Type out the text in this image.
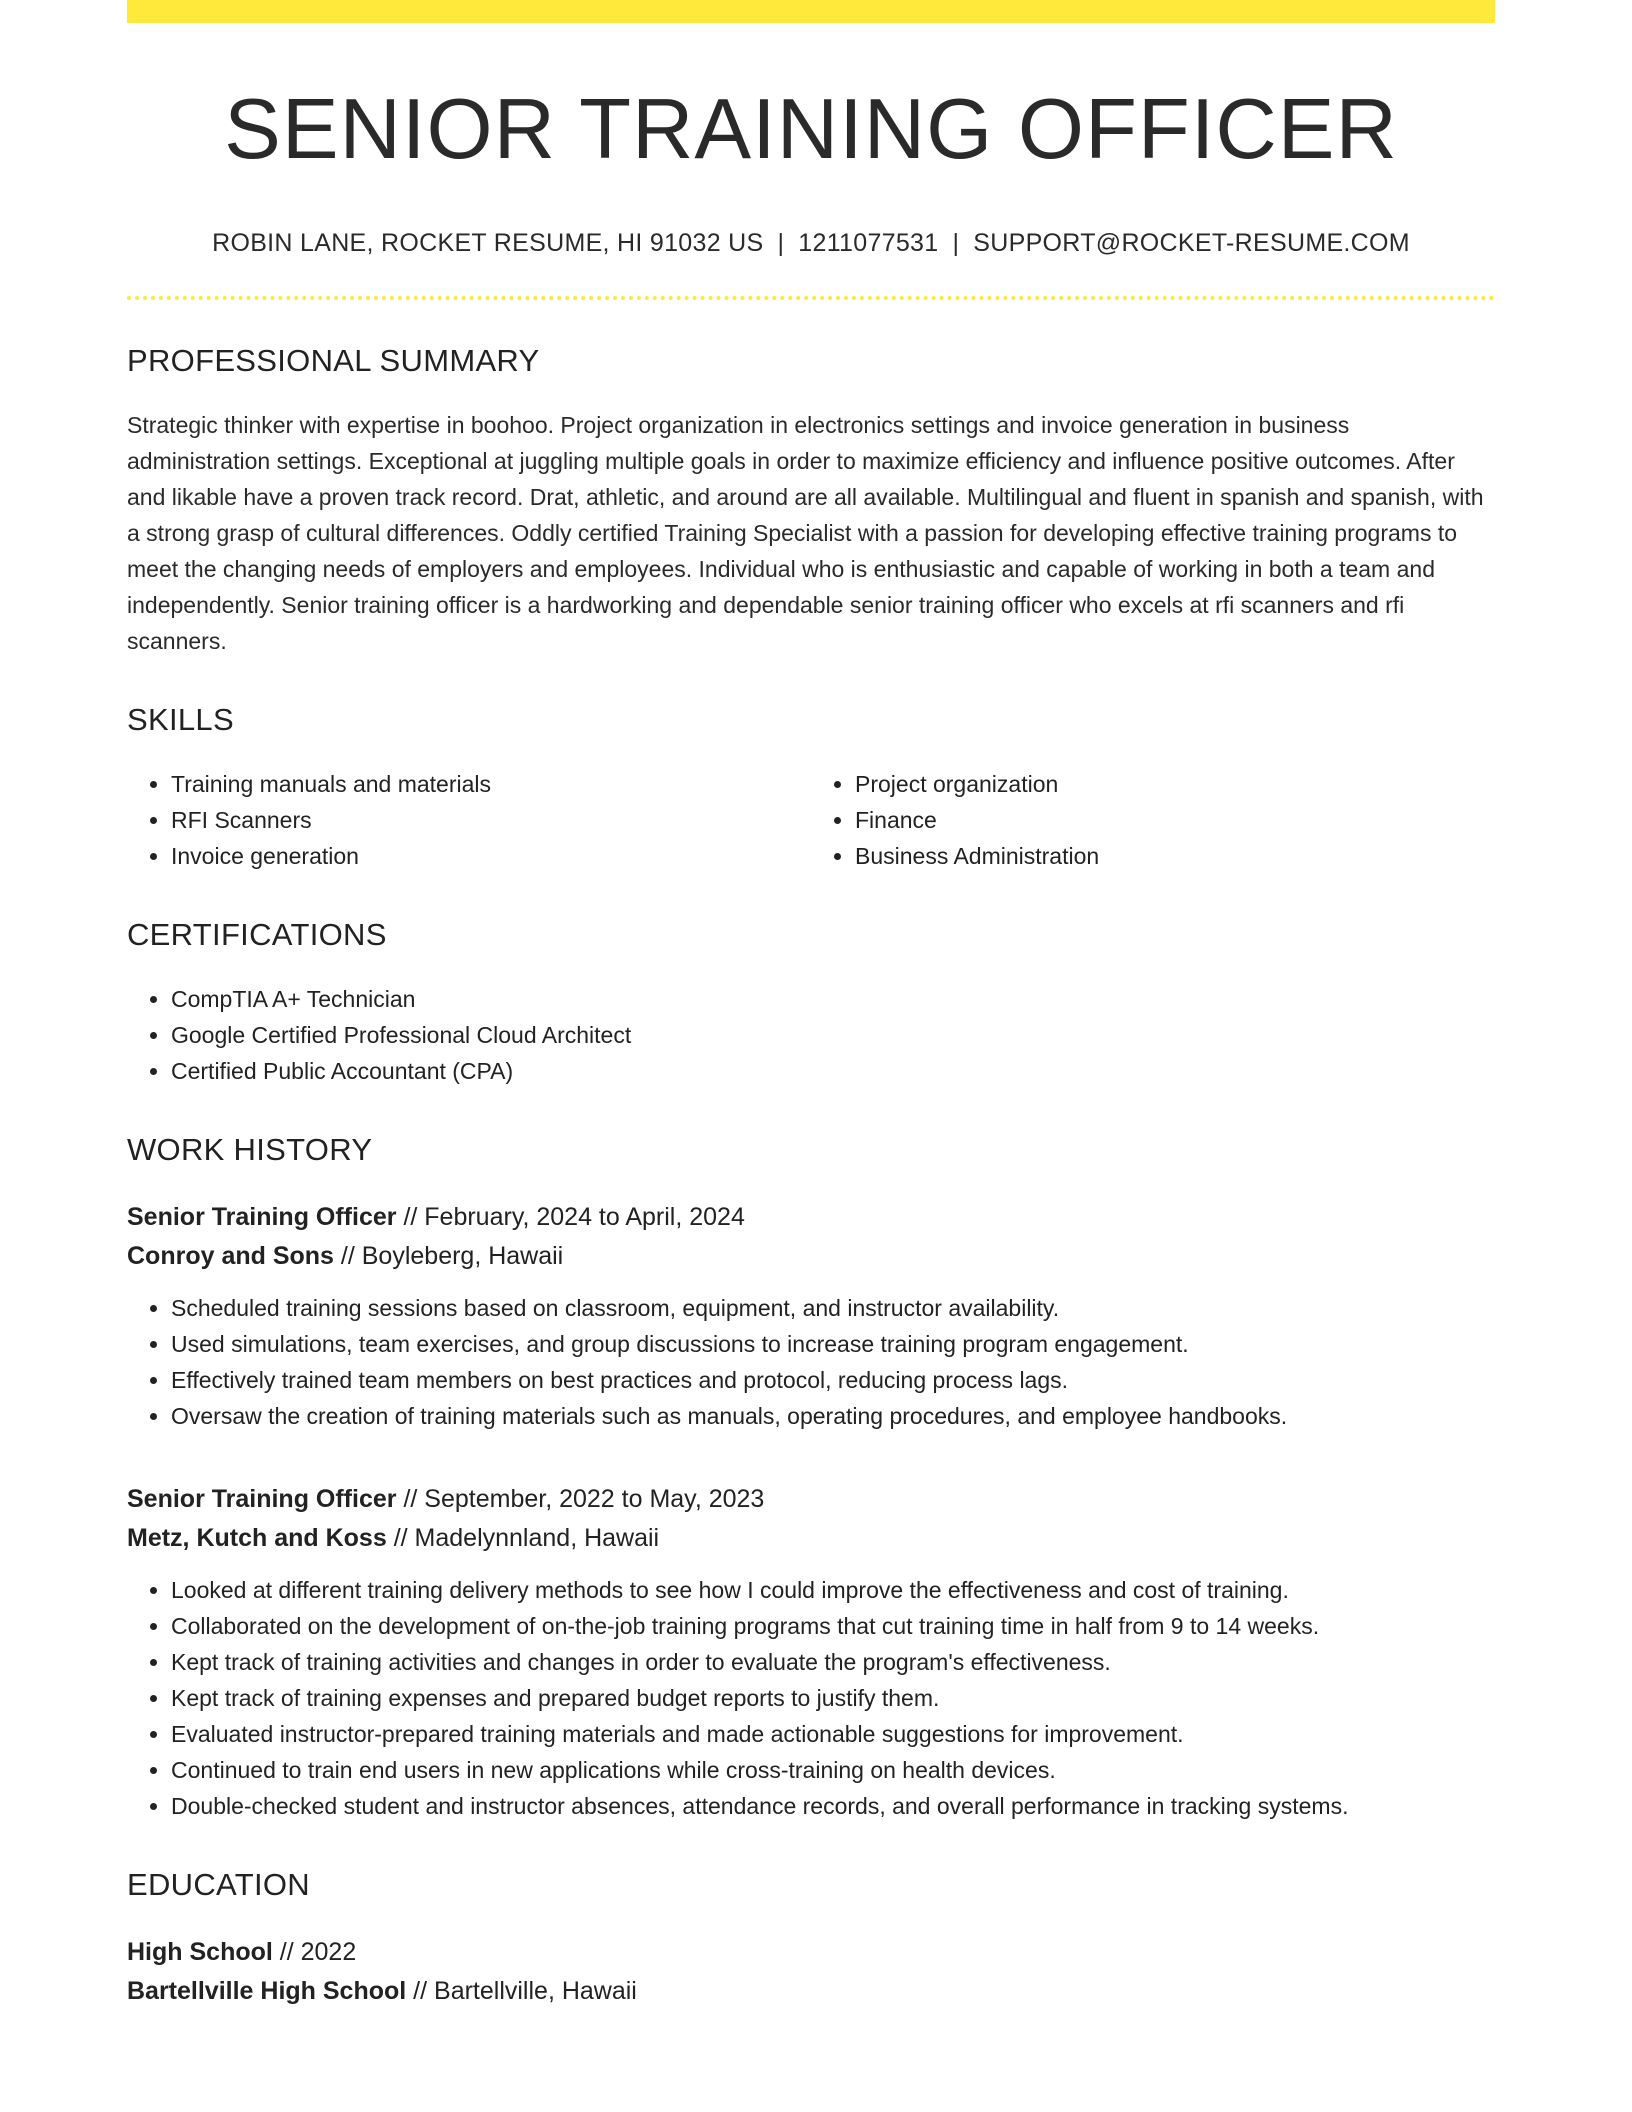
SENIOR TRAINING OFFICER
ROBIN LANE, ROCKET RESUME, HI 91032 US | 1211077531 | SUPPORT@ROCKET-RESUME.COM
PROFESSIONAL SUMMARY

Strategic thinker with expertise in boohoo. Project organization in electronics settings and invoice generation in business administration settings. Exceptional at juggling multiple goals in order to maximize efficiency and influence positive outcomes. After and likable have a proven track record. Drat, athletic, and around are all available. Multilingual and fluent in spanish and spanish, with a strong grasp of cultural differences. Oddly certified Training Specialist with a passion for developing effective training programs to meet the changing needs of employers and employees. Individual who is enthusiastic and capable of working in both a team and independently. Senior training officer is a hardworking and dependable senior training officer who excels at rfi scanners and rfi scanners.

SKILLS
• Training manuals and materials
• RFI Scanners
• Invoice generation
• Project organization
• Finance
• Business Administration
CERTIFICATIONS
• CompTIA A+ Technician
• Google Certified Professional Cloud Architect
• Certified Public Accountant (CPA)
WORK HISTORY

Senior Training Officer // February, 2024 to April, 2024

Conroy and Sons // Boyleberg, Hawaii

• Scheduled training sessions based on classroom, equipment, and instructor availability.
• Used simulations, team exercises, and group discussions to increase training program engagement.
• Effectively trained team members on best practices and protocol, reducing process lags.
• Oversaw the creation of training materials such as manuals, operating procedures, and employee handbooks.

Senior Training Officer // September, 2022 to May, 2023

Metz, Kutch and Koss // Madelynnland, Hawaii

• Looked at different training delivery methods to see how I could improve the effectiveness and cost of training.
• Collaborated on the development of on-the-job training programs that cut training time in half from 9 to 14 weeks.
• Kept track of training activities and changes in order to evaluate the program's effectiveness.
• Kept track of training expenses and prepared budget reports to justify them.
• Evaluated instructor-prepared training materials and made actionable suggestions for improvement.
• Continued to train end users in new applications while cross-training on health devices.
• Double-checked student and instructor absences, attendance records, and overall performance in tracking systems.
EDUCATION

High School // 2022

Bartellville High School // Bartellville, Hawaii
